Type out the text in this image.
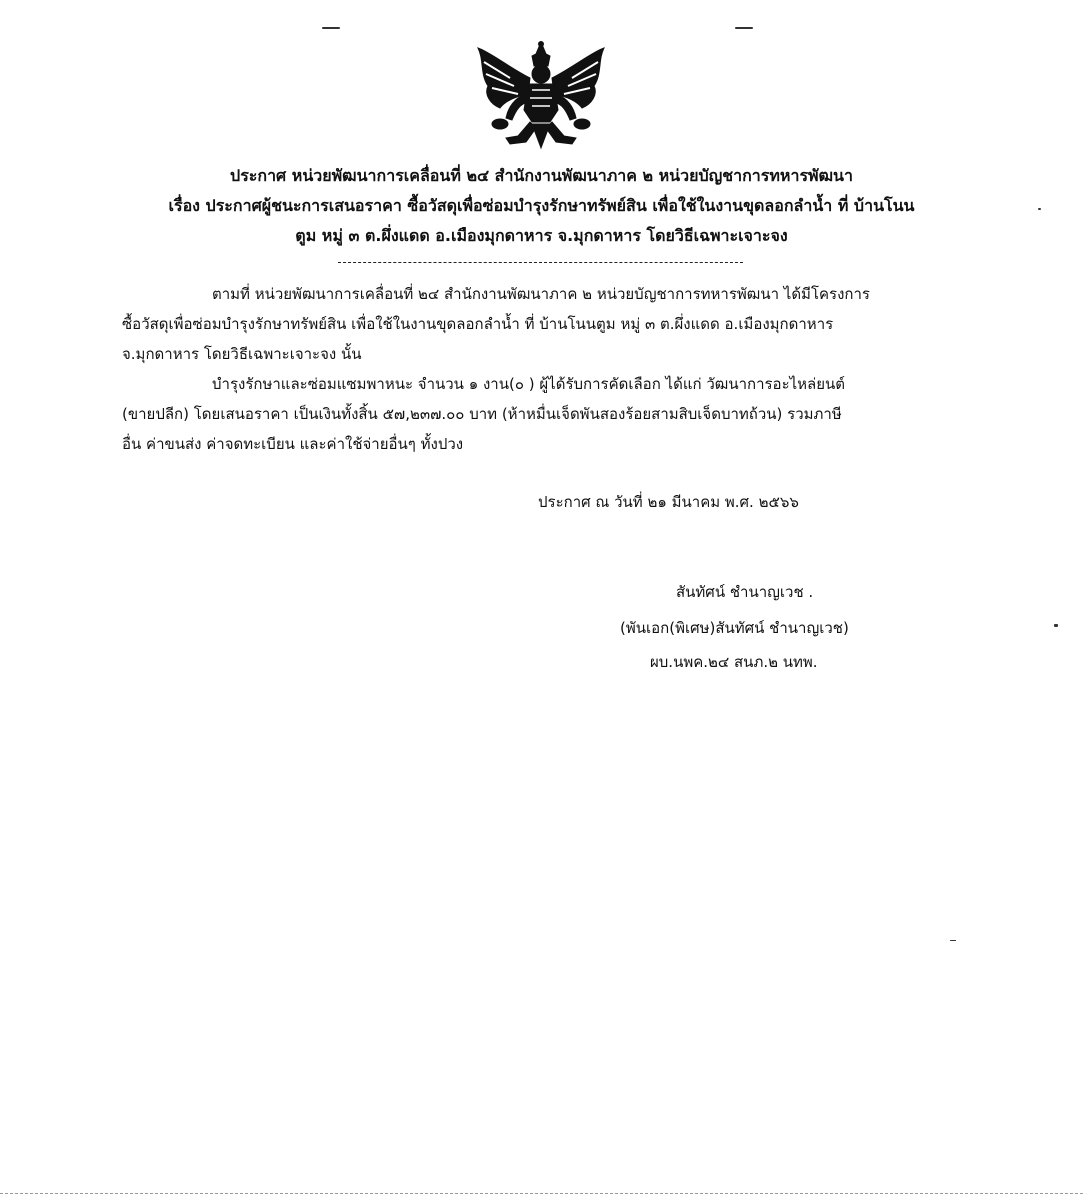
ประกาศ หน่วยพัฒนาการเคลื่อนที่ ๒๔ สำนักงานพัฒนาภาค ๒ หน่วยบัญชาการทหารพัฒนา
เรื่อง ประกาศผู้ชนะการเสนอราคา ซื้อวัสดุเพื่อซ่อมบำรุงรักษาทรัพย์สิน เพื่อใช้ในงานขุดลอกลำน้ำ ที่ บ้านโนน
ตูม หมู่ ๓ ต.ผึ่งแดด อ.เมืองมุกดาหาร จ.มุกดาหาร โดยวิธีเฉพาะเจาะจง
ตามที่ หน่วยพัฒนาการเคลื่อนที่ ๒๔ สำนักงานพัฒนาภาค ๒ หน่วยบัญชาการทหารพัฒนา ได้มีโครงการ
ซื้อวัสดุเพื่อซ่อมบำรุงรักษาทรัพย์สิน เพื่อใช้ในงานขุดลอกลำน้ำ ที่ บ้านโนนตูม หมู่ ๓ ต.ผึ่งแดด อ.เมืองมุกดาหาร
จ.มุกดาหาร โดยวิธีเฉพาะเจาะจง นั้น
บำรุงรักษาและซ่อมแซมพาหนะ จำนวน ๑ งาน(๐ ) ผู้ได้รับการคัดเลือก ได้แก่ วัฒนาการอะไหล่ยนต์
(ขายปลีก) โดยเสนอราคา เป็นเงินทั้งสิ้น ๕๗,๒๓๗.๐๐ บาท (ห้าหมื่นเจ็ดพันสองร้อยสามสิบเจ็ดบาทถ้วน) รวมภาษี
อื่น ค่าขนส่ง ค่าจดทะเบียน และค่าใช้จ่ายอื่นๆ ทั้งปวง
ประกาศ ณ วันที่ ๒๑ มีนาคม พ.ศ. ๒๕๖๖
สันทัศน์ ชำนาญเวช .
(พันเอก(พิเศษ)สันทัศน์ ชำนาญเวช)
ผบ.นพค.๒๔ สนภ.๒ นทพ.
